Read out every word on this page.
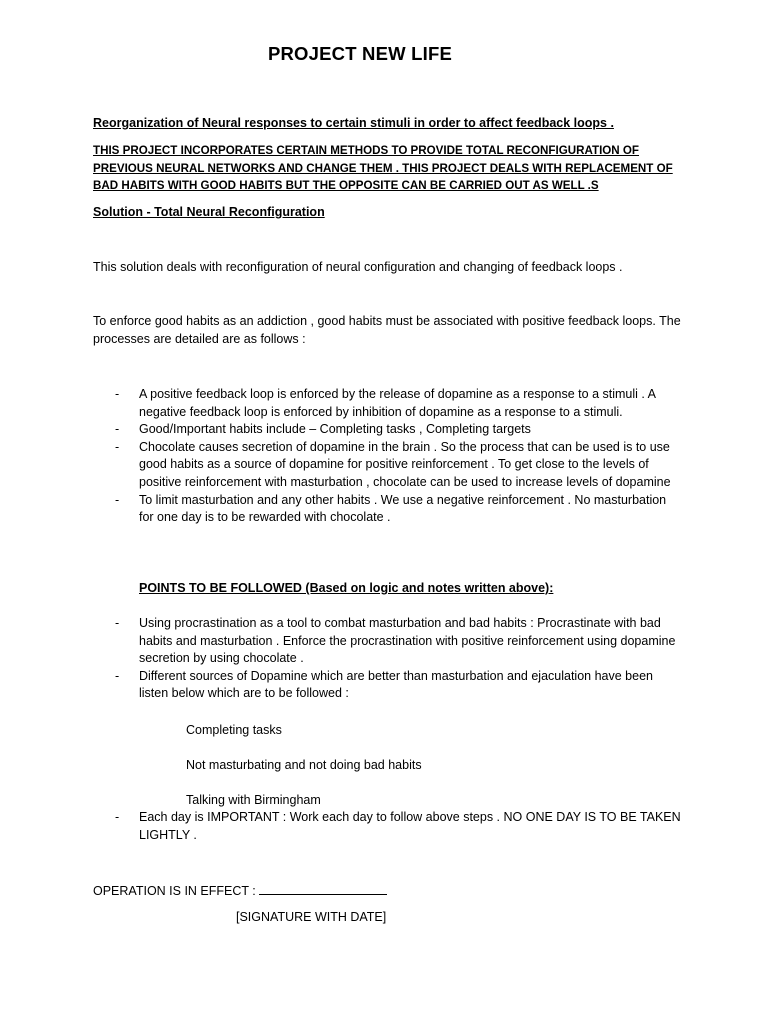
PROJECT NEW LIFE
Reorganization of Neural responses to certain stimuli in order to affect feedback loops .
THIS PROJECT INCORPORATES CERTAIN METHODS TO PROVIDE TOTAL RECONFIGURATION OF PREVIOUS NEURAL NETWORKS AND CHANGE THEM . THIS PROJECT DEALS WITH REPLACEMENT OF BAD HABITS WITH GOOD HABITS BUT THE OPPOSITE CAN BE CARRIED OUT AS WELL .S
Solution - Total Neural Reconfiguration
This solution deals with reconfiguration of neural configuration and changing of feedback loops .
To enforce good habits as an addiction , good habits must be associated with positive feedback loops. The processes are detailed are as follows :
- A positive feedback loop is enforced by the release of dopamine as a response to a stimuli . A negative feedback loop is enforced by inhibition of dopamine as a response to a stimuli.
- Good/Important habits include – Completing tasks , Completing targets
- Chocolate causes secretion of dopamine in the brain . So the process that can be used is to use good habits as a source of dopamine for positive reinforcement . To get close to the levels of positive reinforcement with masturbation , chocolate can be used to increase levels of dopamine
- To limit masturbation and any other habits . We use a negative reinforcement . No masturbation for one day is to be rewarded with chocolate .
POINTS TO BE FOLLOWED (Based on logic and notes written above):
- Using procrastination as a tool to combat masturbation and bad habits : Procrastinate with bad habits and masturbation . Enforce the procrastination with positive reinforcement using dopamine secretion by using chocolate .
- Different sources of Dopamine which are better than masturbation and ejaculation have been listen below which are to be followed :
Completing tasks
Not masturbating and not doing bad habits
Talking with Birmingham
- Each day is IMPORTANT : Work each day to follow above steps . NO ONE DAY IS TO BE TAKEN LIGHTLY .
OPERATION IS IN EFFECT :
[SIGNATURE WITH DATE]
